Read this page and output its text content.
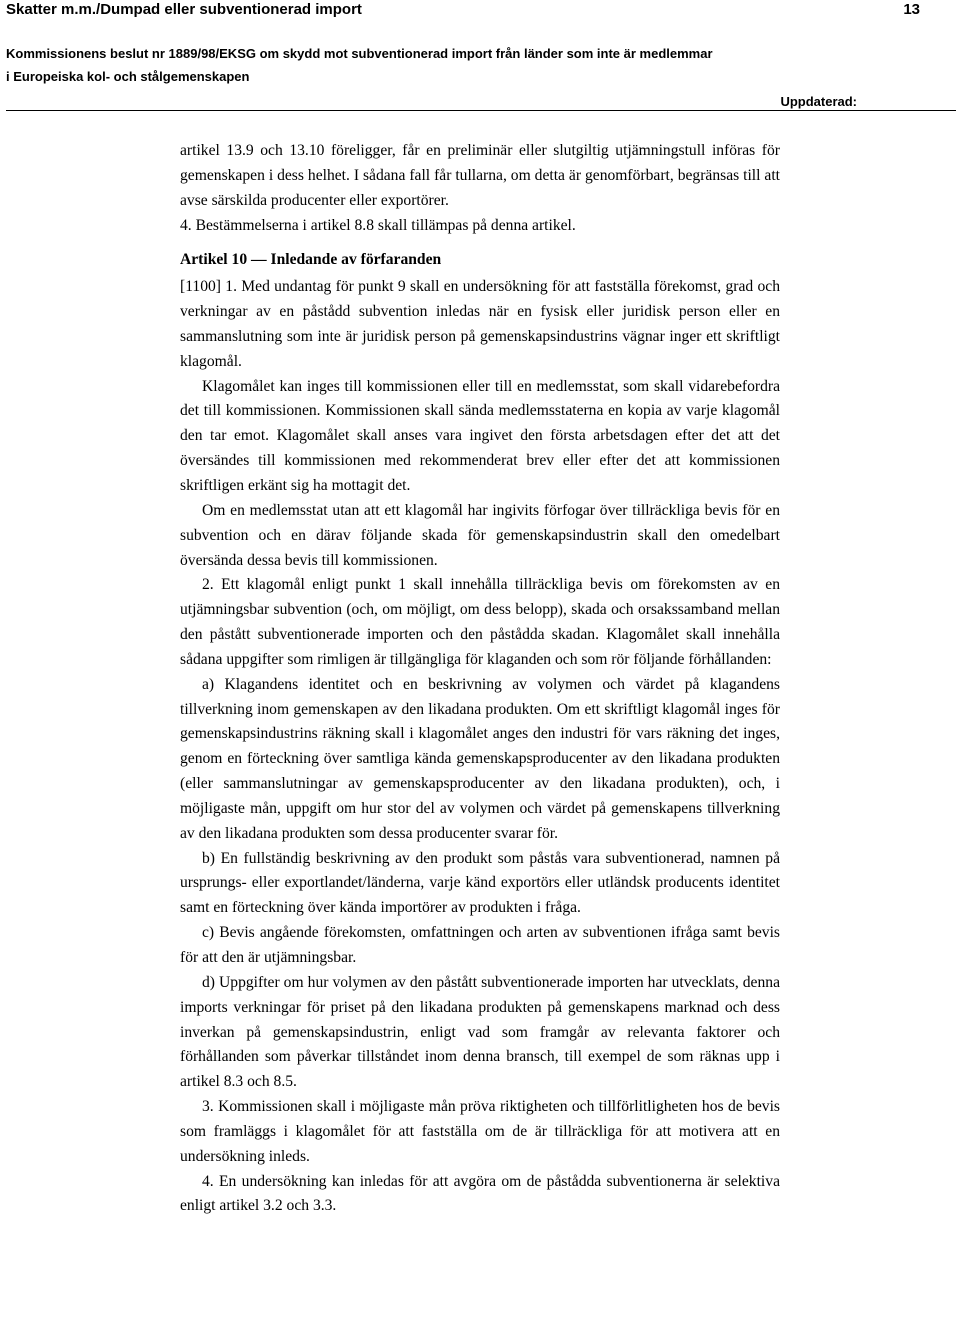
Skatter m.m./Dumpad eller subventionerad import	13
Kommissionens beslut nr 1889/98/EKSG om skydd mot subventionerad import från länder som inte är medlemmar
i Europeiska kol- och stålgemenskapen
Uppdaterad:

artikel 13.9 och 13.10 föreligger, får en preliminär eller slutgiltig utjämningstull införas för gemenskapen i dess helhet. I sådana fall får tullarna, om detta är genomförbart, begränsas till att avse särskilda producenter eller exportörer.

4. Bestämmelserna i artikel 8.8 skall tillämpas på denna artikel.

Artikel 10 — Inledande av förfaranden

[1100] 1. Med undantag för punkt 9 skall en undersökning för att fastställa förekomst, grad och verkningar av en påstådd subvention inledas när en fysisk eller juridisk person eller en sammanslutning som inte är juridisk person på gemenskapsindustrins vägnar inger ett skriftligt klagomål.

Klagomålet kan inges till kommissionen eller till en medlemsstat, som skall vidarebefordra det till kommissionen. Kommissionen skall sända medlemsstaterna en kopia av varje klagomål den tar emot. Klagomålet skall anses vara ingivet den första arbetsdagen efter det att det översändes till kommissionen med rekommenderat brev eller efter det att kommissionen skriftligen erkänt sig ha mottagit det.

Om en medlemsstat utan att ett klagomål har ingivits förfogar över tillräckliga bevis för en subvention och en därav följande skada för gemenskapsindustrin skall den omedelbart översända dessa bevis till kommissionen.

2. Ett klagomål enligt punkt 1 skall innehålla tillräckliga bevis om förekomsten av en utjämningsbar subvention (och, om möjligt, om dess belopp), skada och orsakssamband mellan den påstått subventionerade importen och den påstådda skadan. Klagomålet skall innehålla sådana uppgifter som rimligen är tillgängliga för klaganden och som rör följande förhållanden:

a) Klagandens identitet och en beskrivning av volymen och värdet på klagandens tillverkning inom gemenskapen av den likadana produkten. Om ett skriftligt klagomål inges för gemenskapsindustrins räkning skall i klagomålet anges den industri för vars räkning det inges, genom en förteckning över samtliga kända gemenskapsproducenter av den likadana produkten (eller sammanslutningar av gemenskapsproducenter av den likadana produkten), och, i möjligaste mån, uppgift om hur stor del av volymen och värdet på gemenskapens tillverkning av den likadana produkten som dessa producenter svarar för.

b) En fullständig beskrivning av den produkt som påstås vara subventionerad, namnen på ursprungs- eller exportlandet/länderna, varje känd exportörs eller utländsk producents identitet samt en förteckning över kända importörer av produkten i fråga.

c) Bevis angående förekomsten, omfattningen och arten av subventionen ifråga samt bevis för att den är utjämningsbar.

d) Uppgifter om hur volymen av den påstått subventionerade importen har utvecklats, denna imports verkningar för priset på den likadana produkten på gemenskapens marknad och dess inverkan på gemenskapsindustrin, enligt vad som framgår av relevanta faktorer och förhållanden som påverkar tillståndet inom denna bransch, till exempel de som räknas upp i artikel 8.3 och 8.5.

3. Kommissionen skall i möjligaste mån pröva riktigheten och tillförlitligheten hos de bevis som framläggs i klagomålet för att fastställa om de är tillräckliga för att motivera att en undersökning inleds.

4. En undersökning kan inledas för att avgöra om de påstådda subventionerna är selektiva enligt artikel 3.2 och 3.3.
